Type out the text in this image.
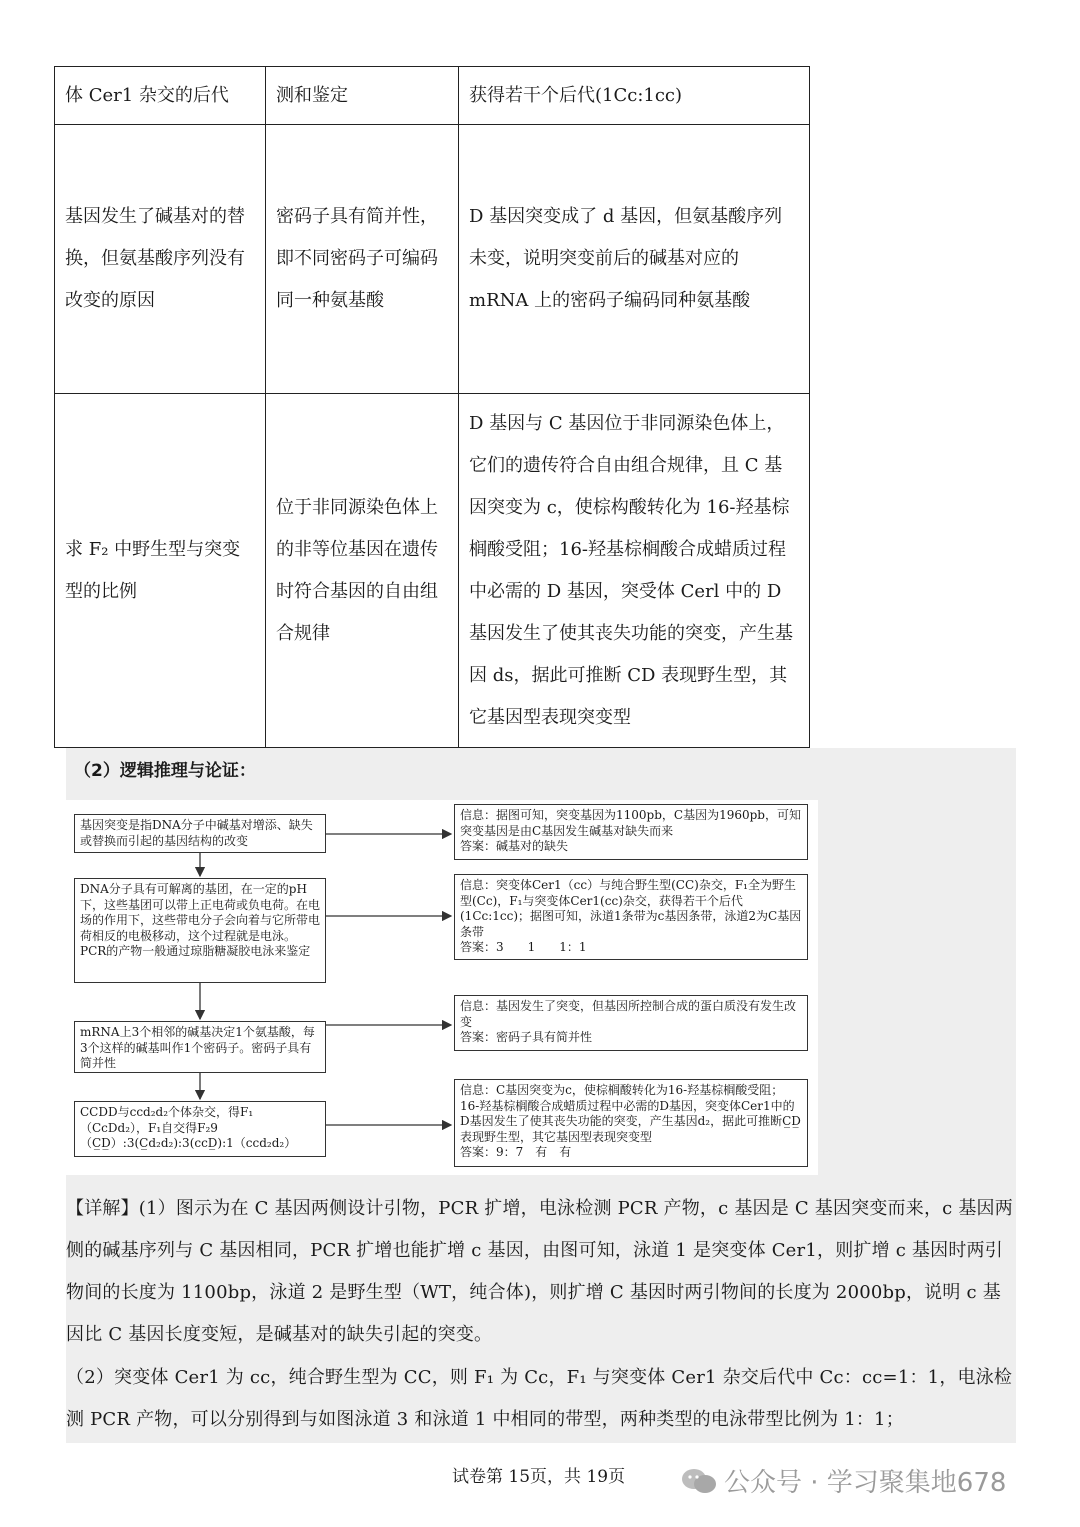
体 Cer1 杂交的后代	测和鉴定	获得若干个后代(1Cc:1cc)
基因发生了碱基对的替换，但氨基酸序列没有改变的原因	密码子具有简并性，即不同密码子可编码同一种氨基酸	D 基因突变成了 d 基因，但氨基酸序列未变，说明突变前后的碱基对应的 mRNA 上的密码子编码同种氨基酸
求 F₂ 中野生型与突变型的比例	位于非同源染色体上的非等位基因在遗传时符合基因的自由组合规律	D 基因与 C 基因位于非同源染色体上，它们的遗传符合自由组合规律，且 C 基因突变为 c，使棕构酸转化为 16-羟基棕榈酸受阻；16-羟基棕榈酸合成蜡质过程中必需的 D 基因，突受体 Cerl 中的 D 基因发生了使其丧失功能的突变，产生基因 ds，据此可推断 CD 表现野生型，其它基因型表现突变型
（2）逻辑推理与论证：
基因突变是指DNA分子中碱基对增添、缺失或替换而引起的基因结构的改变
DNA分子具有可解离的基团，在一定的pH下，这些基团可以带上正电荷或负电荷。在电场的作用下，这些带电分子会向着与它所带电荷相反的电极移动，这个过程就是电泳。PCR的产物一般通过琼脂糖凝胶电泳来鉴定
mRNA上3个相邻的碱基决定1个氨基酸，每3个这样的碱基叫作1个密码子。密码子具有简并性
CCDD与ccd₂d₂个体杂交，得F₁（CcDd₂），F₁自交得F₂9（C̲D̲）:3(C̲d₂d₂):3(ccD̲):1（ccd₂d₂）
信息：据图可知，突变基因为1100pb，C基因为1960pb，可知突变基因是由C基因发生碱基对缺失而来
答案：碱基对的缺失
信息：突变体Cer1（cc）与纯合野生型(CC)杂交，F₁全为野生型(Cc)，F₁与突变体Cer1(cc)杂交，获得若干个后代(1Cc:1cc)；据图可知，泳道1条带为c基因条带，泳道2为C基因条带
答案：3　　1　　1：1
信息：基因发生了突变，但基因所控制合成的蛋白质没有发生改变
答案：密码子具有简并性
信息：C基因突变为c，使棕榈酸转化为16-羟基棕榈酸受阻；16-羟基棕榈酸合成蜡质过程中必需的D基因，突变体Cer1中的D基因发生了使其丧失功能的突变，产生基因d₂，据此可推断C̲D̲表现野生型，其它基因型表现突变型
答案：9：7　有　有
【详解】(1）图示为在 C 基因两侧设计引物，PCR 扩增，电泳检测 PCR 产物，c 基因是 C 基因突变而来，c 基因两侧的碱基序列与 C 基因相同，PCR 扩增也能扩增 c 基因，由图可知，泳道 1 是突变体 Cer1，则扩增 c 基因时两引物间的长度为 1100bp，泳道 2 是野生型（WT，纯合体)，则扩增 C 基因时两引物间的长度为 2000bp，说明 c 基因比 C 基因长度变短，是碱基对的缺失引起的突变。
（2）突变体 Cer1 为 cc，纯合野生型为 CC，则 F₁ 为 Cc，F₁ 与突变体 Cer1 杂交后代中 Cc：cc=1：1，电泳检测 PCR 产物，可以分别得到与如图泳道 3 和泳道 1 中相同的带型，两种类型的电泳带型比例为 1：1；
试卷第 15页，共 19页	公众号 · 学习聚集地678
